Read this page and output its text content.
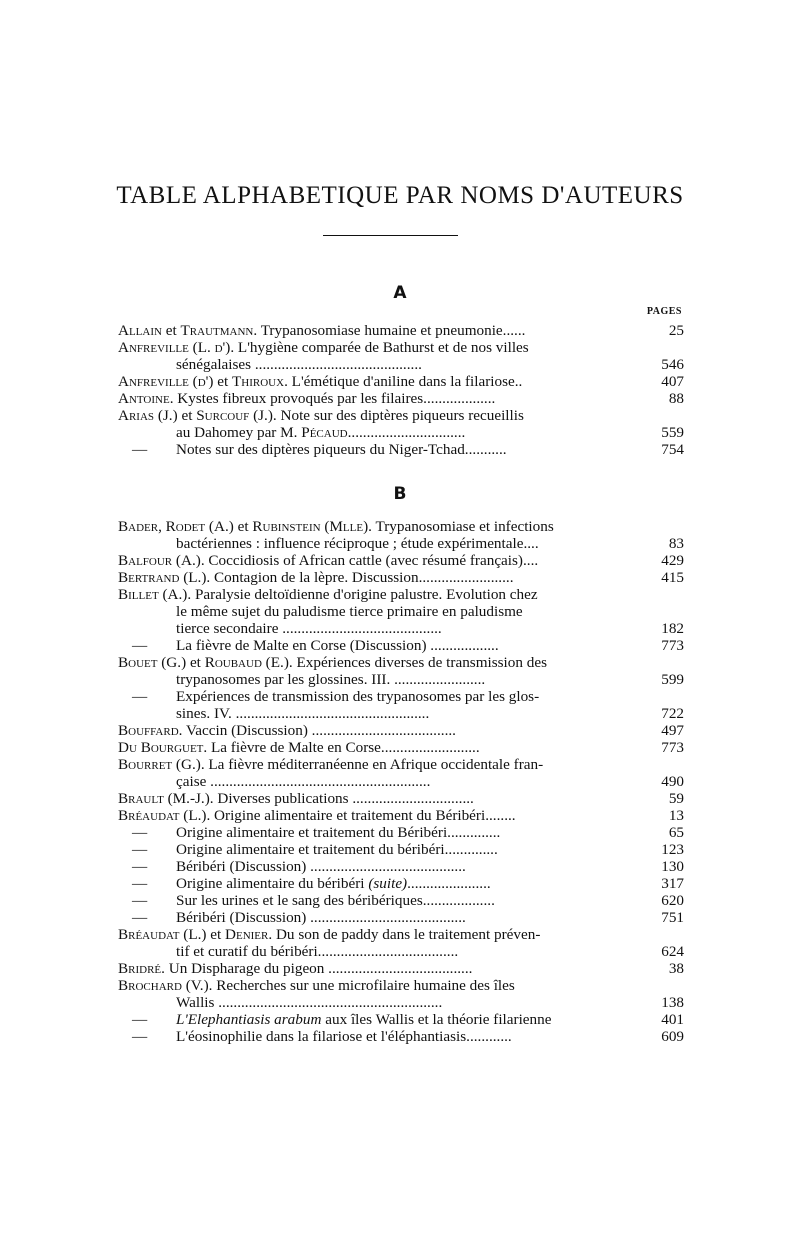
TABLE ALPHABETIQUE PAR NOMS D'AUTEURS
A
PAGES
Allain et Trautmann. Trypanosomiase humaine et pneumonie......	25
Anfreville (L. d'). L'hygiène comparée de Bathurst et de nos villes
sénégalaises ............................................	546
Anfreville (d') et Thiroux. L'émétique d'aniline dans la filariose..	407
Antoine. Kystes fibreux provoqués par les filaires...................	88
Arias (J.) et Surcouf (J.). Note sur des diptères piqueurs recueillis
au Dahomey par M. Pécaud...............................	559
— Notes sur des diptères piqueurs du Niger-Tchad...........	754
B
Bader, Rodet (A.) et Rubinstein (Mlle). Trypanosomiase et infections
bactériennes : influence réciproque ; étude expérimentale....	83
Balfour (A.). Coccidiosis of African cattle (avec résumé français)....	429
Bertrand (L.). Contagion de la lèpre. Discussion.........................	415
Billet (A.). Paralysie deltoïdienne d'origine palustre. Evolution chez
le même sujet du paludisme tierce primaire en paludisme
tierce secondaire ..........................................	182
— La fièvre de Malte en Corse (Discussion) ..................	773
Bouet (G.) et Roubaud (E.). Expériences diverses de transmission des
trypanosomes par les glossines. III. ........................	599
— Expériences de transmission des trypanosomes par les glos-
sines. IV. ...................................................	722
Bouffard. Vaccin (Discussion) ......................................	497
Du Bourguet. La fièvre de Malte en Corse..........................	773
Bourret (G.). La fièvre méditerranéenne en Afrique occidentale fran-
çaise ..........................................................	490
Brault (M.-J.). Diverses publications ................................	59
Bréaudat (L.). Origine alimentaire et traitement du Béribéri........	13
— Origine alimentaire et traitement du Béribéri..............	65
— Origine alimentaire et traitement du béribéri..............	123
— Béribéri (Discussion) .........................................	130
— Origine alimentaire du béribéri (suite)......................	317
— Sur les urines et le sang des béribériques...................	620
— Béribéri (Discussion) .........................................	751
Bréaudat (L.) et Denier. Du son de paddy dans le traitement préven-
tif et curatif du béribéri.....................................	624
Bridré. Un Dispharage du pigeon ......................................	38
Brochard (V.). Recherches sur une microfilaire humaine des îles
Wallis ...........................................................	138
— L'Elephantiasis arabum aux îles Wallis et la théorie filarienne	401
— L'éosinophilie dans la filariose et l'éléphantiasis............	609
